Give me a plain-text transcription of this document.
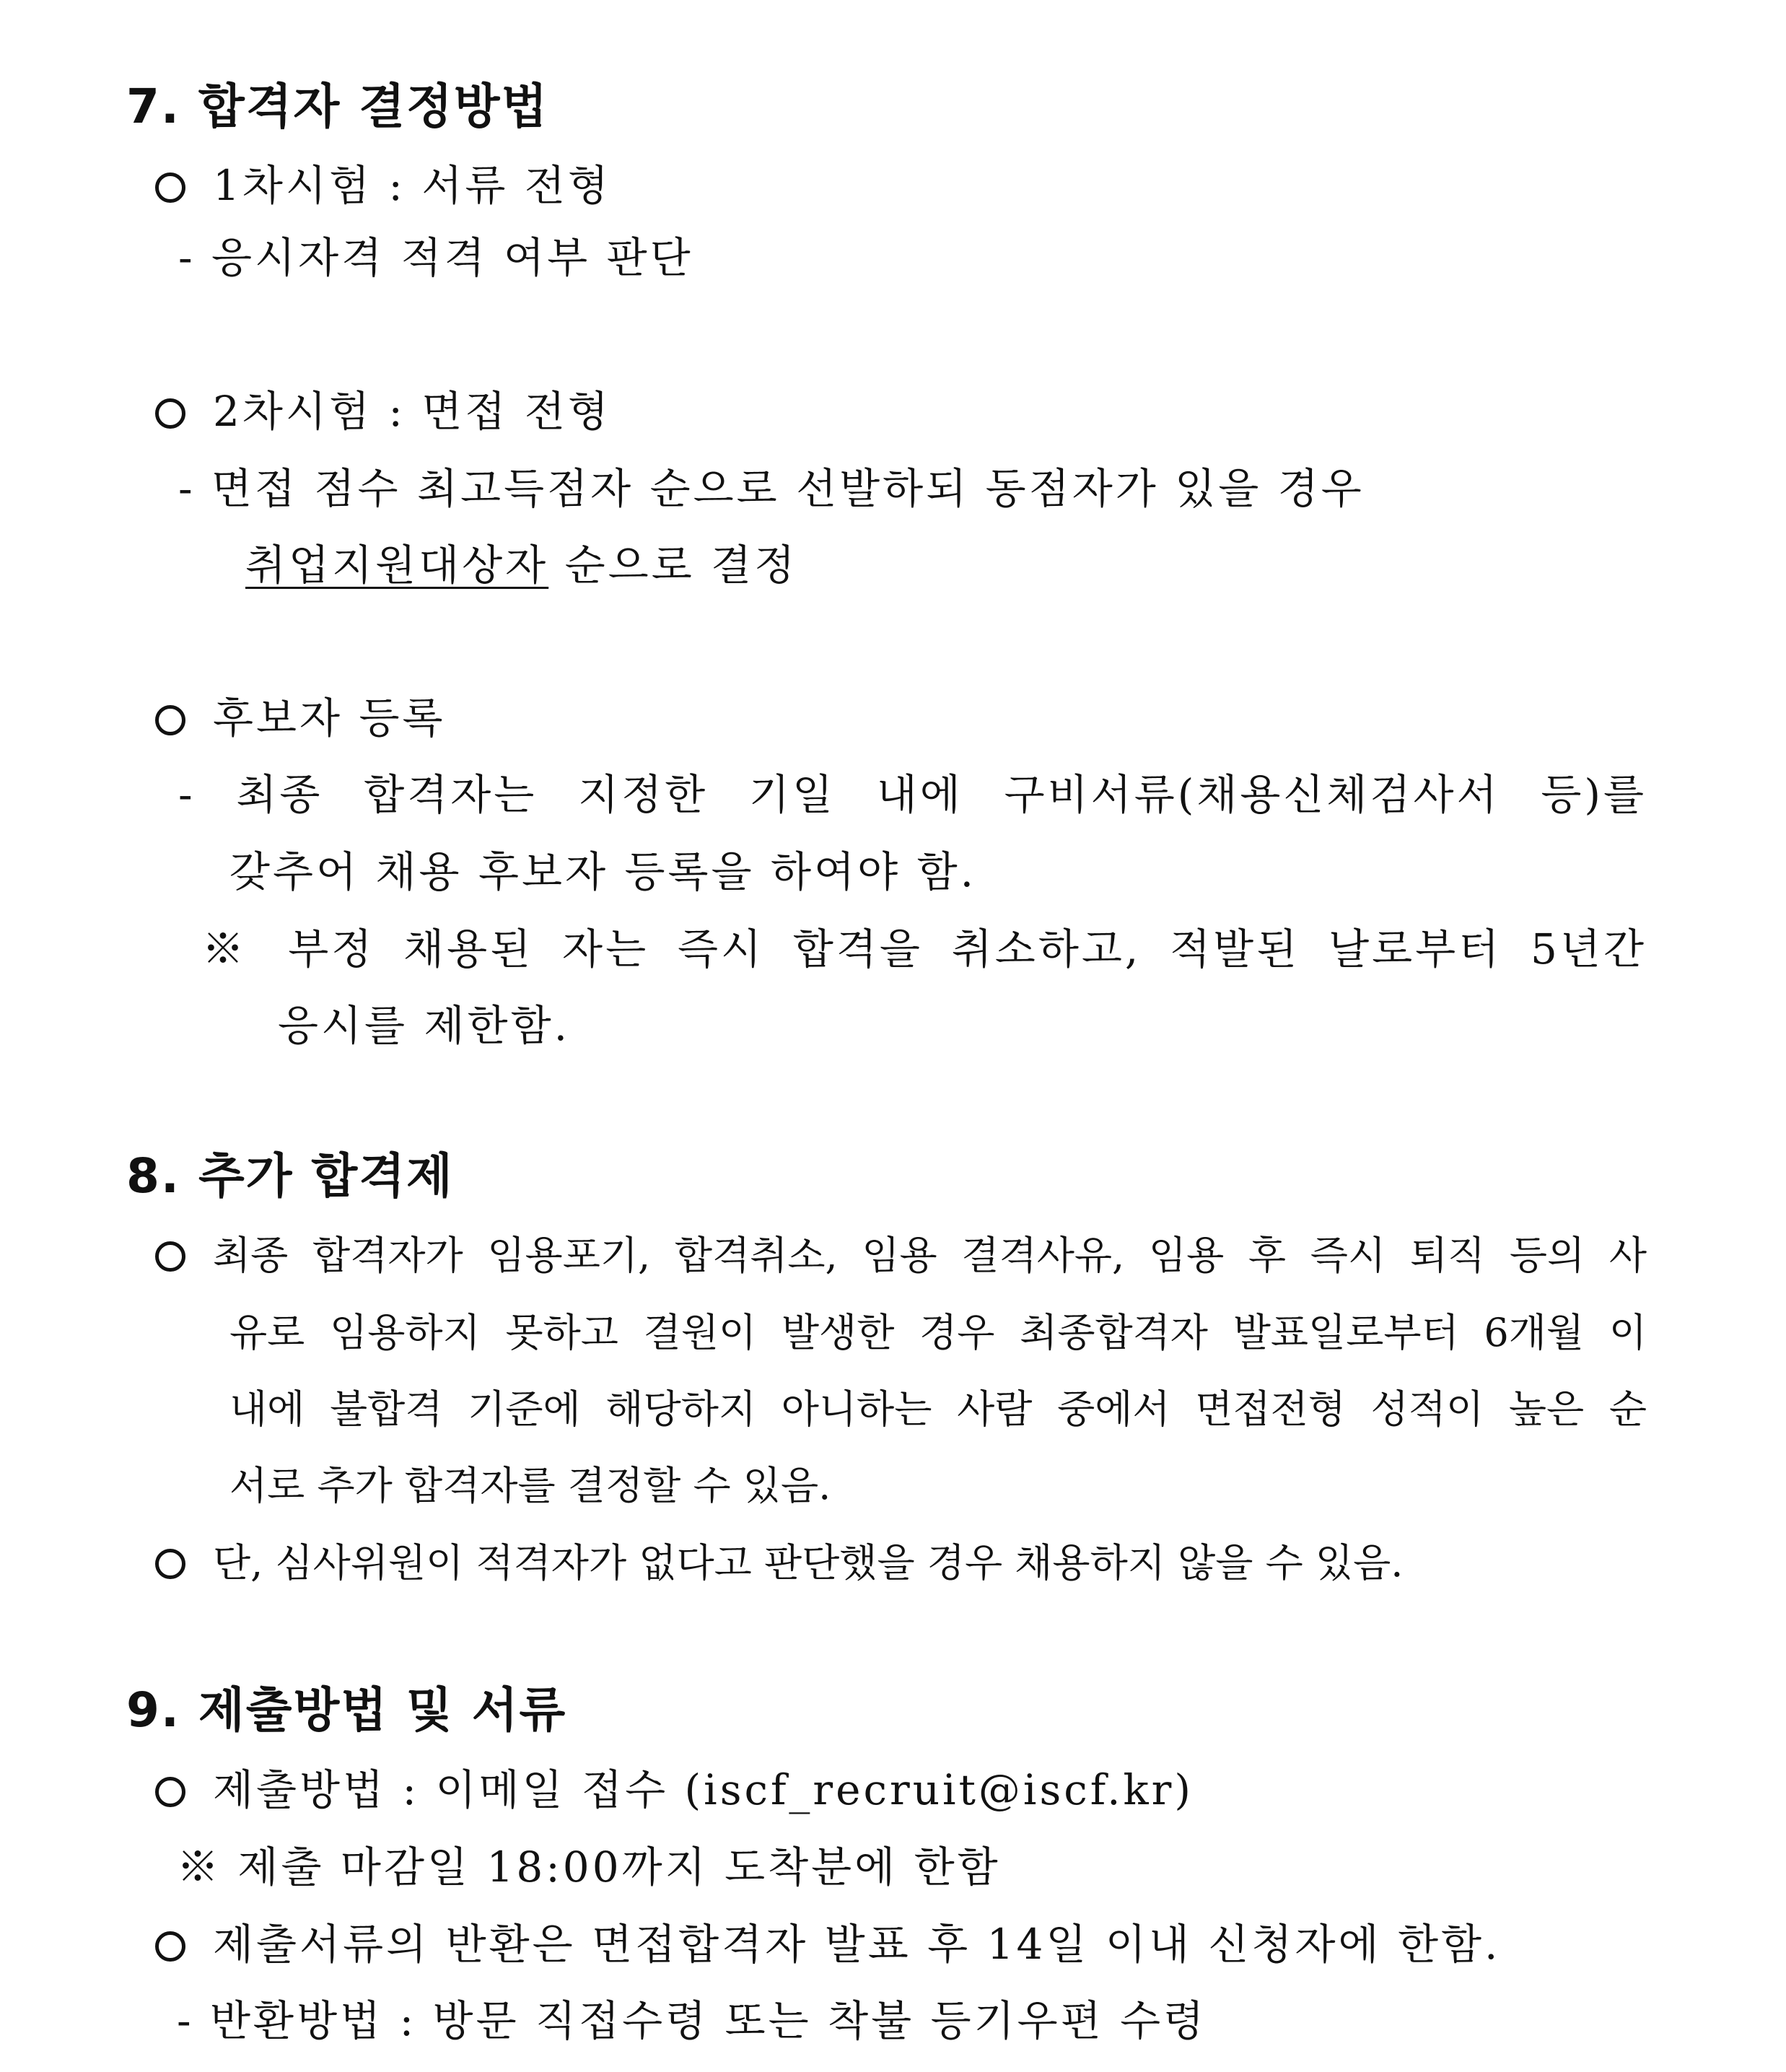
7. 합격자 결정방법
1차시험 : 서류 전형
- 응시자격 적격 여부 판단
2차시험 : 면접 전형
- 면접 점수 최고득점자 순으로 선발하되 동점자가 있을 경우
취업지원대상자 순으로 결정
후보자 등록
- 최종 합격자는 지정한 기일 내에 구비서류(채용신체검사서 등)를
갖추어 채용 후보자 등록을 하여야 함.
※ 부정 채용된 자는 즉시 합격을 취소하고, 적발된 날로부터 5년간
응시를 제한함.
8. 추가 합격제
최종 합격자가 임용포기, 합격취소, 임용 결격사유, 임용 후 즉시 퇴직 등의 사
유로 임용하지 못하고 결원이 발생한 경우 최종합격자 발표일로부터 6개월 이
내에 불합격 기준에 해당하지 아니하는 사람 중에서 면접전형 성적이 높은 순
서로 추가 합격자를 결정할 수 있음.
단, 심사위원이 적격자가 없다고 판단했을 경우 채용하지 않을 수 있음.
9. 제출방법 및 서류
제출방법 : 이메일 접수 (iscf_recruit@iscf.kr)
※ 제출 마감일 18:00까지 도착분에 한함
제출서류의 반환은 면접합격자 발표 후 14일 이내 신청자에 한함.
- 반환방법 : 방문 직접수령 또는 착불 등기우편 수령
